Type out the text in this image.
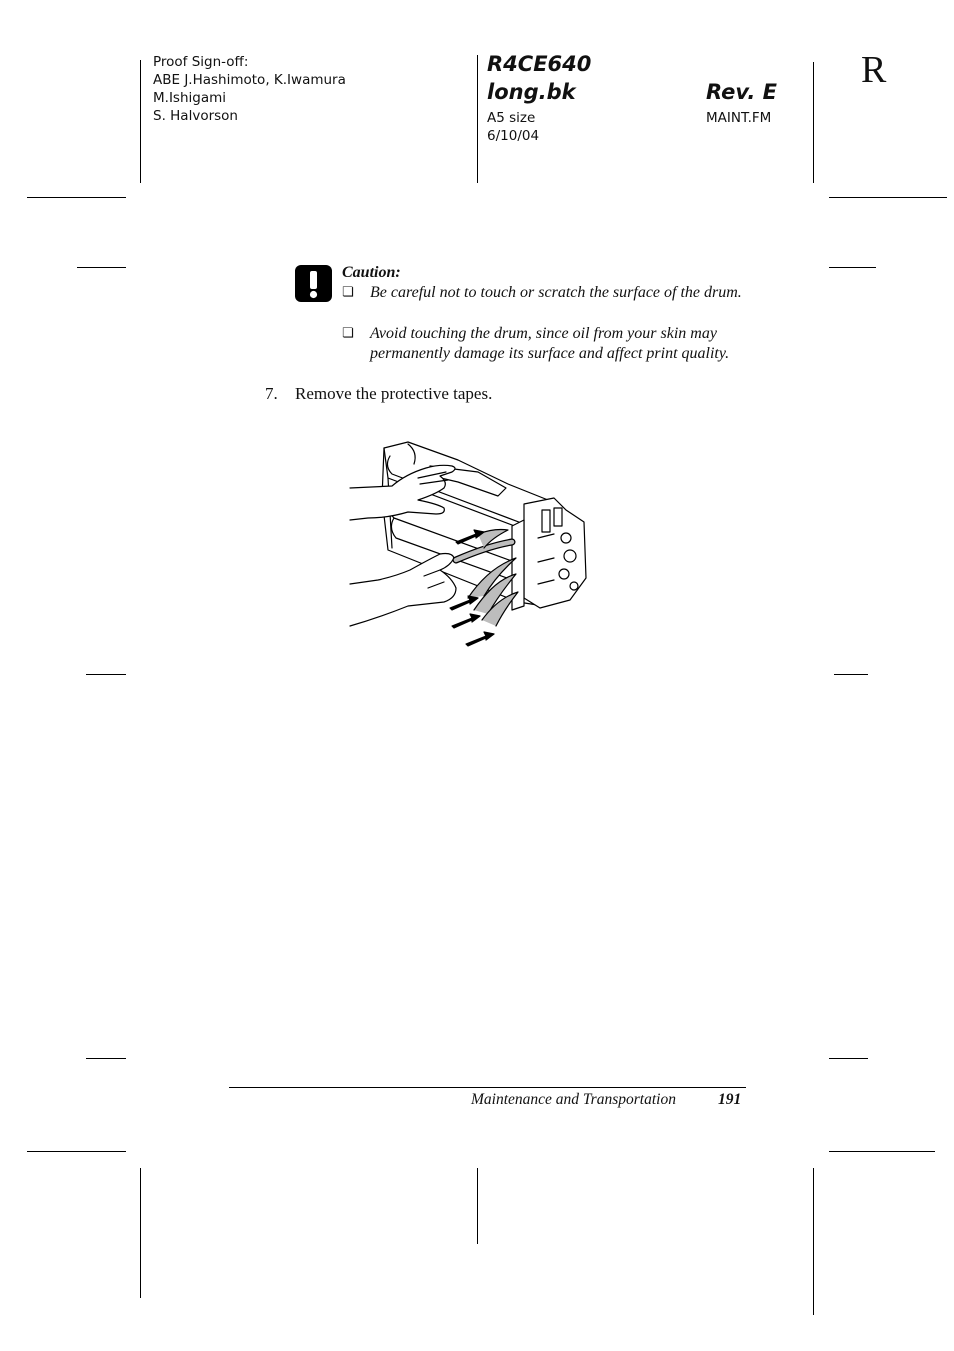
Proof Sign-off:
ABE J.Hashimoto, K.Iwamura
M.Ishigami
S. Halvorson
R4CE640
long.bk
A5 size
6/10/04
Rev. E
MAINT.FM
R
Caution:
❏ Be careful not to touch or scratch the surface of the drum.
❏ Avoid touching the drum, since oil from your skin may permanently damage its surface and affect print quality.
7. Remove the protective tapes.
Maintenance and Transportation	191
